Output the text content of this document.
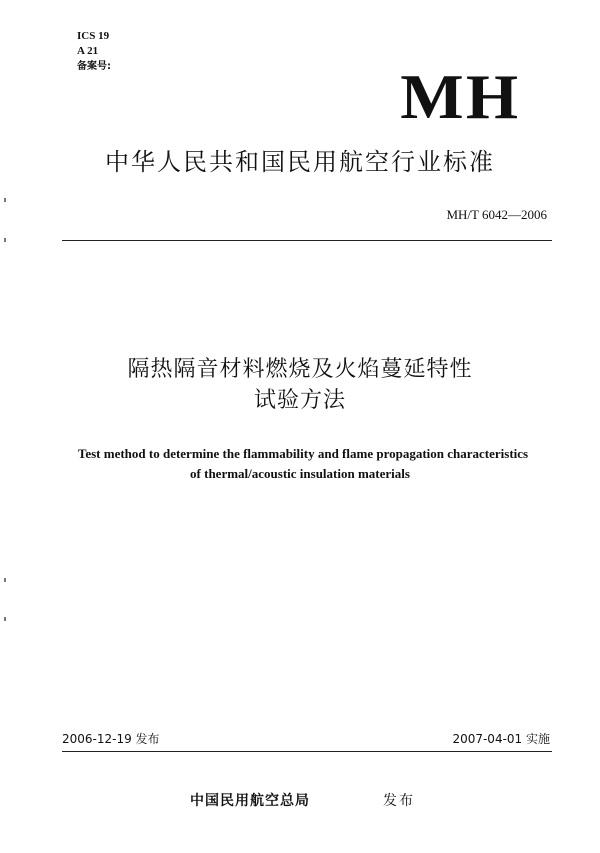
ICS 19
A 21
备案号:	MH
中华人民共和国民用航空行业标准
MH/T 6042—2006
隔热隔音材料燃烧及火焰蔓延特性
试验方法
Test method to determine the flammability and flame propagation characteristics
of thermal/acoustic insulation materials
2006-12-19 发布	2007-04-01 实施
中国民用航空总局	发布
